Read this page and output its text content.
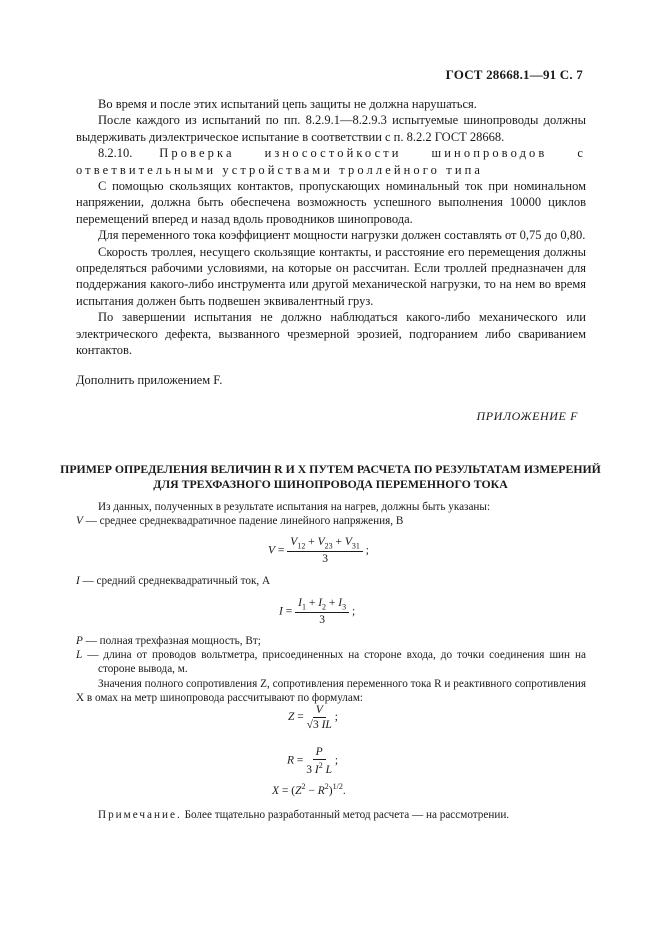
ГОСТ 28668.1—91 С. 7

Во время и после этих испытаний цепь защиты не должна нарушаться.

После каждого из испытаний по пп. 8.2.9.1—8.2.9.3 испытуемые шинопроводы должны выдерживать диэлектрическое испытание в соответствии с п. 8.2.2 ГОСТ 28668.

8.2.10. Проверка износостойкости шинопроводов с ответвительными устройствами троллейного типа

С помощью скользящих контактов, пропускающих номинальный ток при номинальном напряжении, должна быть обеспечена возможность успешного выполнения 10000 циклов перемещений вперед и назад вдоль проводников шинопровода.

Для переменного тока коэффициент мощности нагрузки должен составлять от 0,75 до 0,80.

Скорость троллея, несущего скользящие контакты, и расстояние его перемещения должны определяться рабочими условиями, на которые он рассчитан. Если троллей предназначен для поддержания какого-либо инструмента или другой механической нагрузки, то на нем во время испытания должен быть подвешен эквивалентный груз.

По завершении испытания не должно наблюдаться какого-либо механического или электрического дефекта, вызванного чрезмерной эрозией, подгоранием либо свариванием контактов.

Дополнить приложением F.
ПРИЛОЖЕНИЕ F
ПРИМЕР ОПРЕДЕЛЕНИЯ ВЕЛИЧИН R И X ПУТЕМ РАСЧЕТА ПО РЕЗУЛЬТАТАМ ИЗМЕРЕНИЙ
ДЛЯ ТРЕХФАЗНОГО ШИНОПРОВОДА ПЕРЕМЕННОГО ТОКА

Из данных, полученных в результате испытания на нагрев, должны быть указаны:

V — среднее среднеквадратичное падение линейного напряжения, В

$V = \frac{V_{12} + V_{23} + V_{31}}{3}$ ;

I — средний среднеквадратичный ток, А

$I = \frac{I_1 + I_2 + I_3}{3}$ ;

P — полная трехфазная мощность, Вт;

L — длина от проводов вольтметра, присоединенных на стороне входа, до точки соединения шин на стороне вывода, м.

Значения полного сопротивления Z, сопротивления переменного тока R и реактивного сопротивления X в омах на метр шинопровода рассчитывают по формулам:

$Z = \frac{V}{√3 IL}$ ;
$R = \frac{P}{3 I^2 L}$ ;
$X = (Z^2 - R^2)^{1/2}$.

Примечание. Более тщательно разработанный метод расчета — на рассмотрении.
